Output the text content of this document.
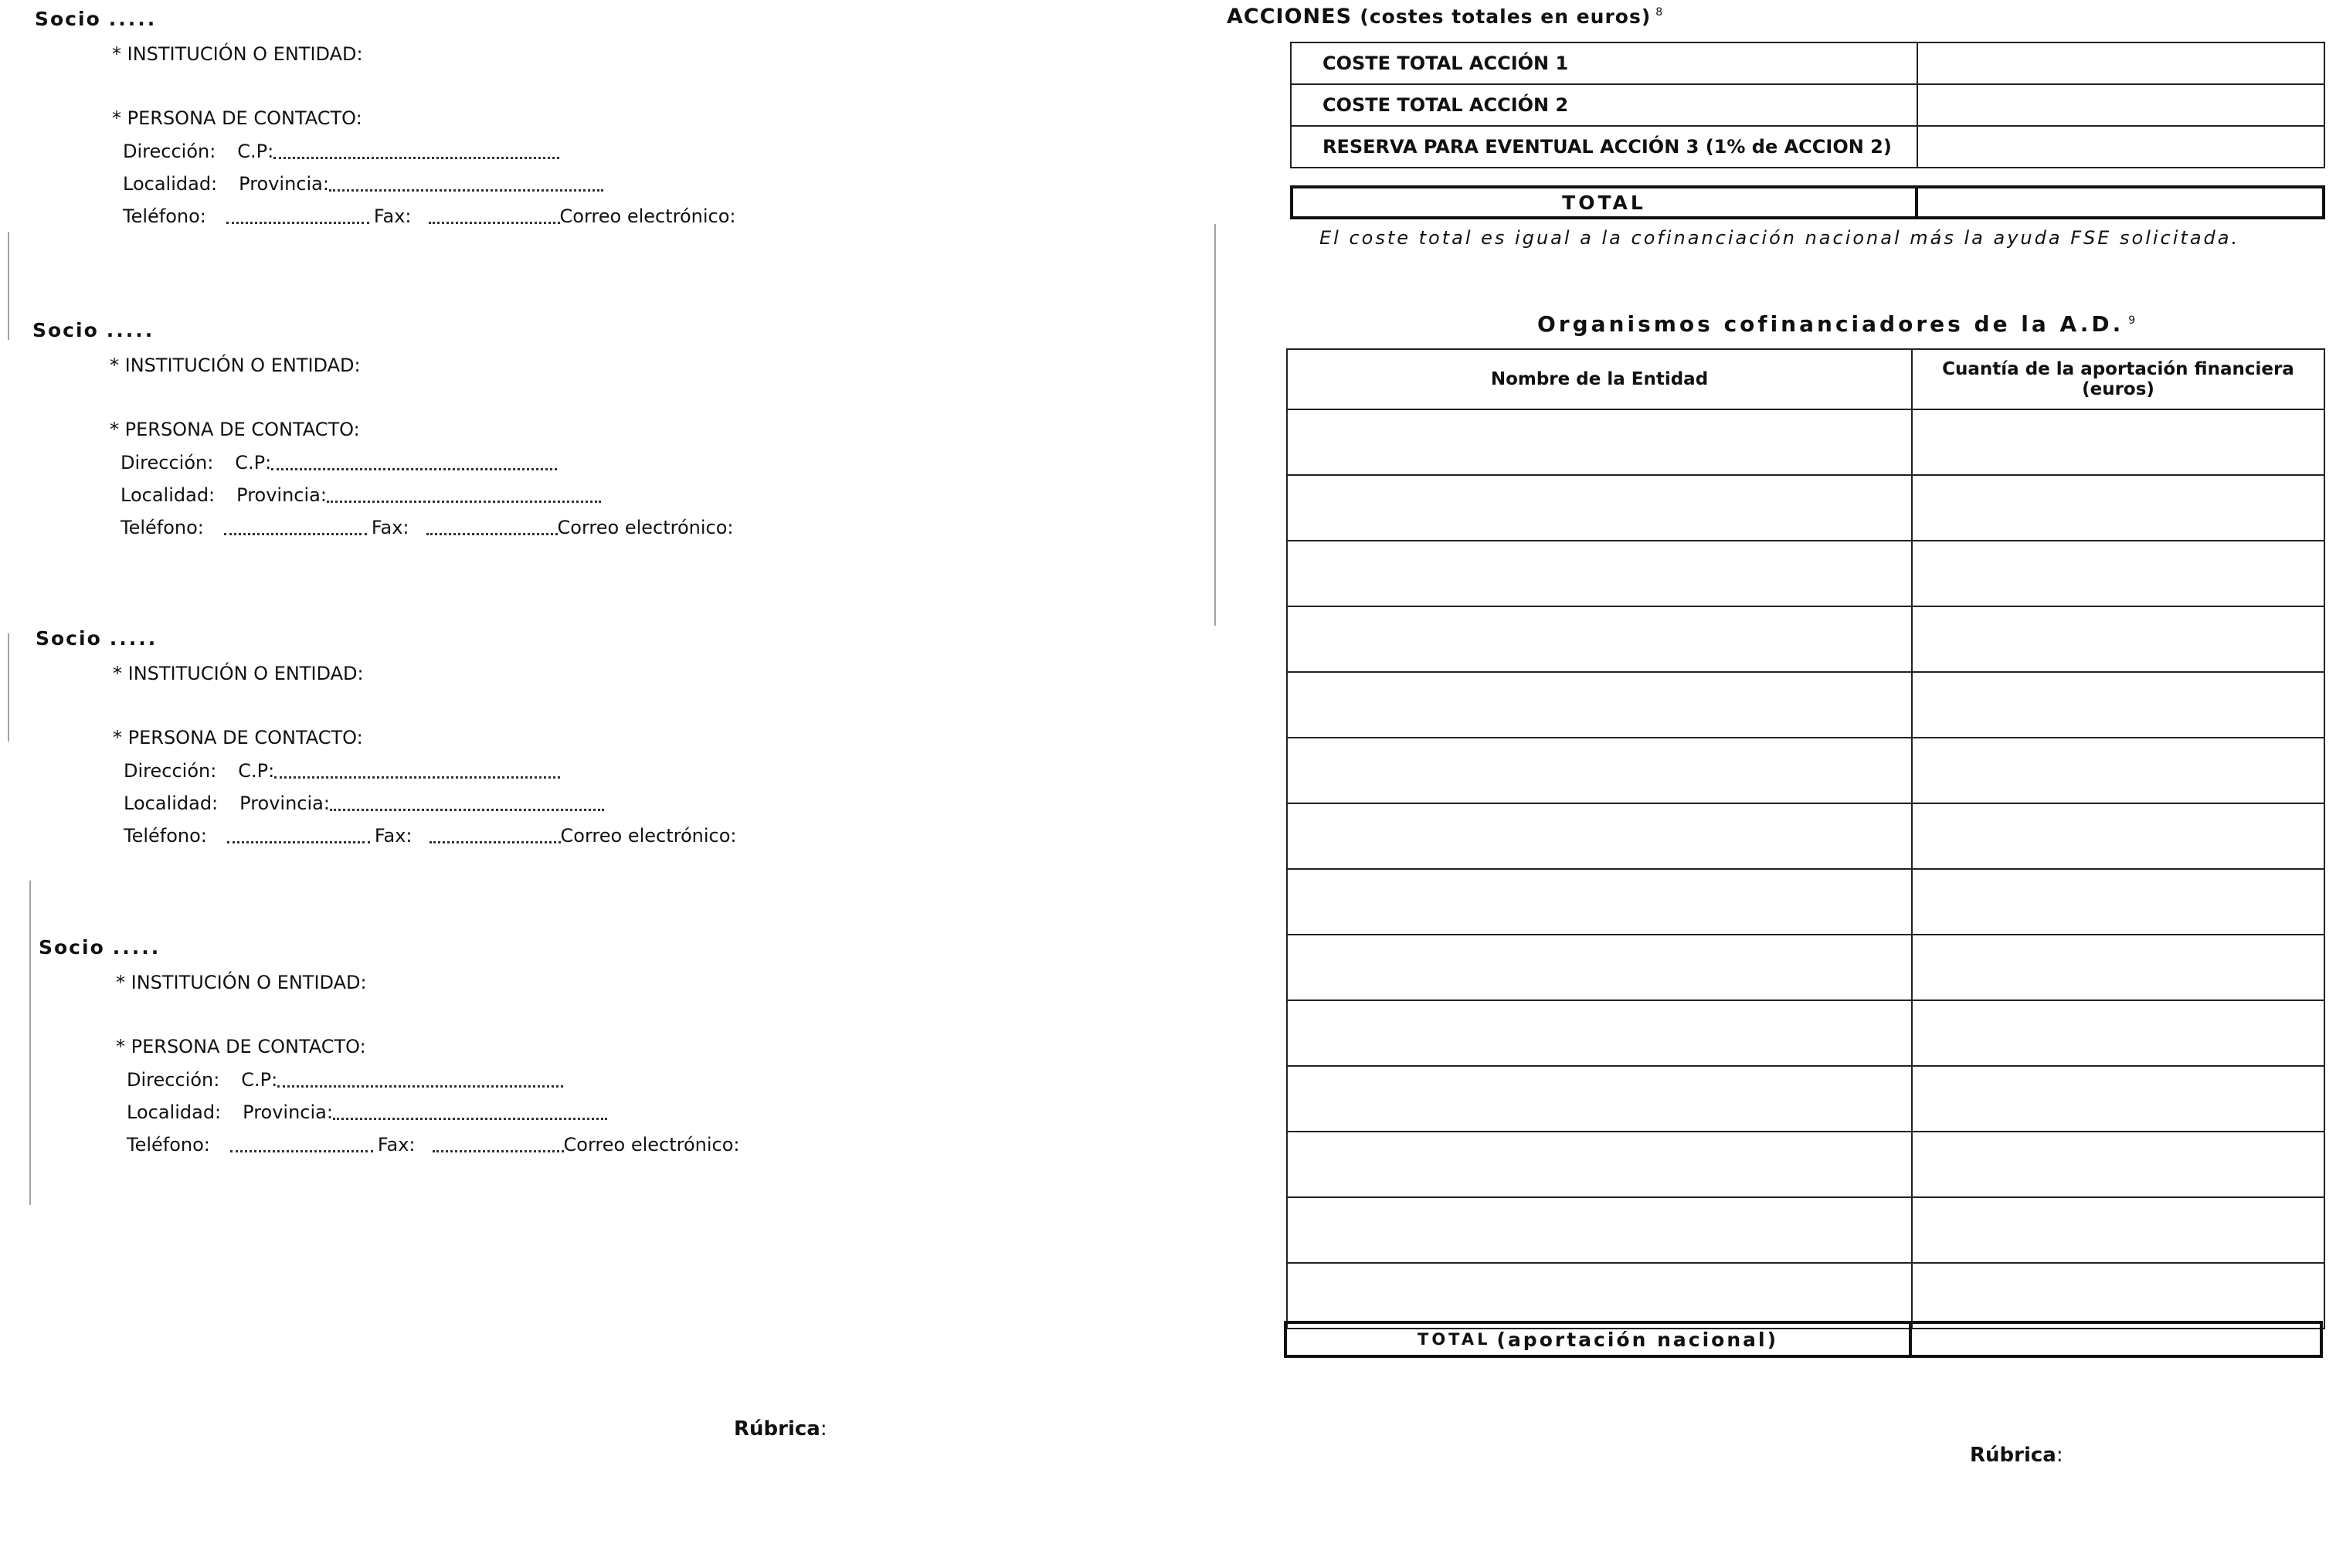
Socio .....
* INSTITUCIÓN O ENTIDAD:
* PERSONA DE CONTACTO:
Dirección: C.P:
Localidad: Provincia:
Teléfono:	Fax:	Correo electrónico:
Socio .....
* INSTITUCIÓN O ENTIDAD:
* PERSONA DE CONTACTO:
Dirección: C.P:
Localidad: Provincia:
Teléfono:	Fax:	Correo electrónico:
Socio .....
* INSTITUCIÓN O ENTIDAD:
* PERSONA DE CONTACTO:
Dirección: C.P:
Localidad: Provincia:
Teléfono:	Fax:	Correo electrónico:
Socio .....
* INSTITUCIÓN O ENTIDAD:
* PERSONA DE CONTACTO:
Dirección: C.P:
Localidad: Provincia:
Teléfono:	Fax:	Correo electrónico:
ACCIONES (costes totales en euros) $^8$
COSTE TOTAL ACCIÓN 1	
COSTE TOTAL ACCIÓN 2	
RESERVA PARA EVENTUAL ACCIÓN 3 (1% de ACCION 2)	
TOTAL
El coste total es igual a la cofinanciación nacional más la ayuda FSE solicitada.
Organismos cofinanciadores de la A.D. $^9$
Nombre de la Entidad	Cuantía de la aportación financiera (euros)

TOTAL (aportación nacional)
Rúbrica:
Rúbrica:
